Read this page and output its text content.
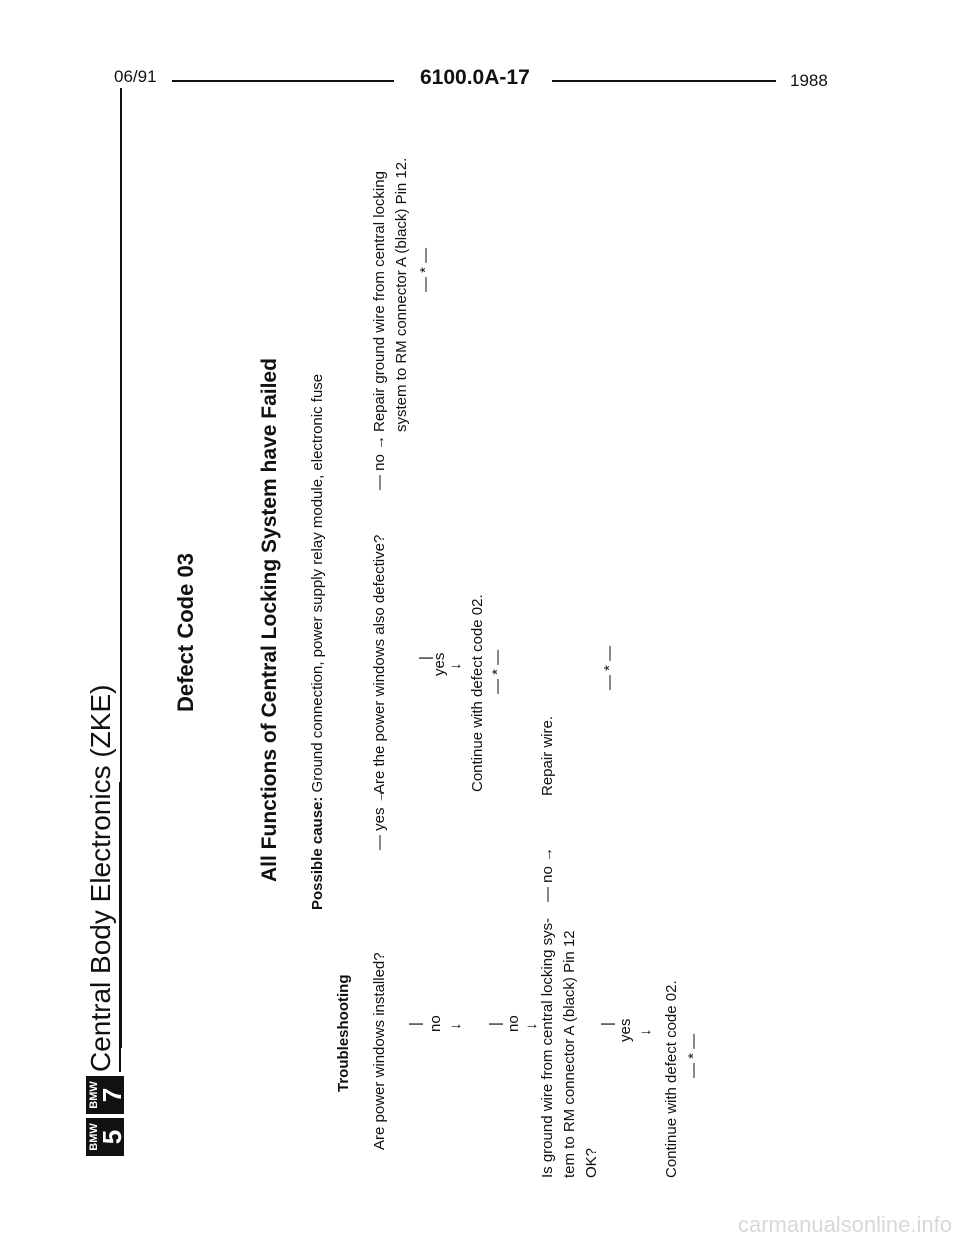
06/91	6100.0A-17	1988
BMW
5
BMW
7
Central Body Electronics (ZKE)
Defect Code 03	All Functions of Central Locking System have Failed Possible cause: Ground connection, power supply relay module, electronic fuse
Troubleshooting Are power windows installed?
— yes →
Are the power windows also defective?
— no →
Repair ground wire from central locking system to RM connector A (black) Pin 12. — * —
|
yes ↓ Continue with defect code 02. — * —
| no ↓ | no ↓ Is ground wire from central locking sys- tem to RM connector A (black) Pin 12 OK?
— no →
Repair wire.
— * —
| yes ↓ Continue with defect code 02. — * —
carmanualsonline.info
